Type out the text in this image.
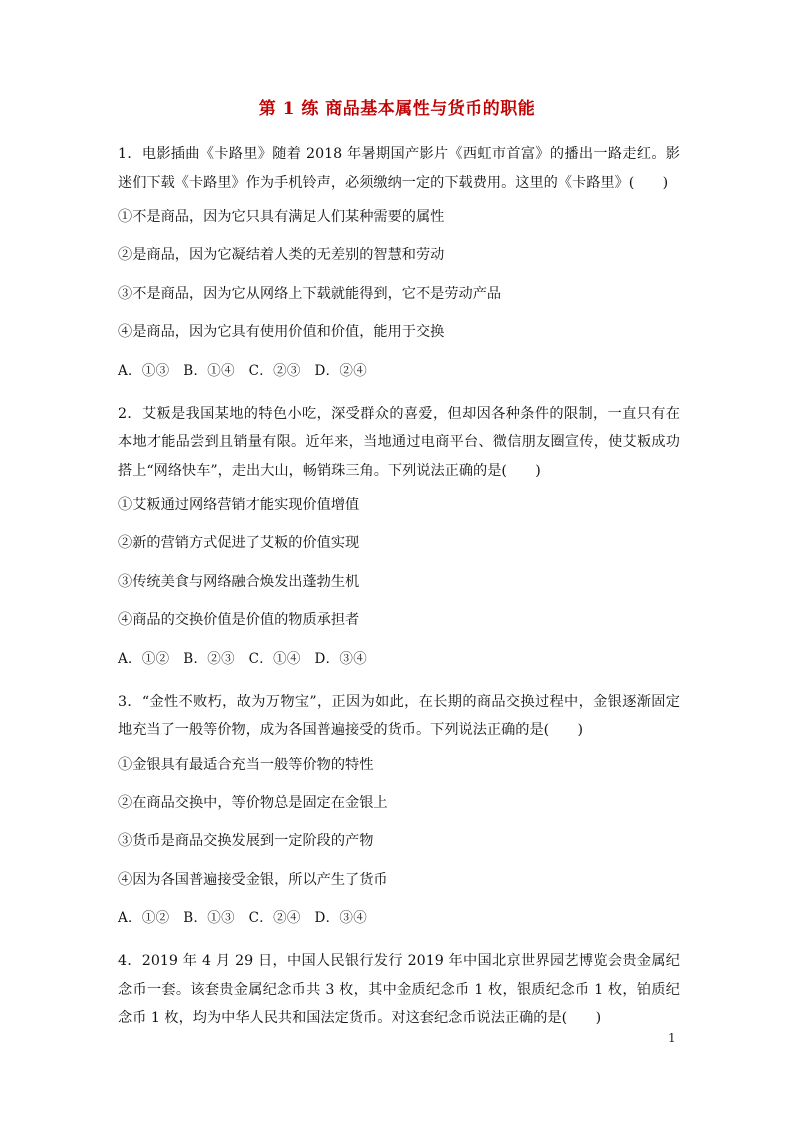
第 1 练 商品基本属性与货币的职能

1．电影插曲《卡路里》随着 2018 年暑期国产影片《西虹市首富》的播出一路走红。影迷们下载《卡路里》作为手机铃声，必须缴纳一定的下载费用。这里的《卡路里》(　　)

①不是商品，因为它只具有满足人们某种需要的属性

②是商品，因为它凝结着人类的无差别的智慧和劳动

③不是商品，因为它从网络上下载就能得到，它不是劳动产品

④是商品，因为它具有使用价值和价值，能用于交换

A．①③　B．①④　C．②③　D．②④

2．艾粄是我国某地的特色小吃，深受群众的喜爱，但却因各种条件的限制，一直只有在本地才能品尝到且销量有限。近年来，当地通过电商平台、微信朋友圈宣传，使艾粄成功搭上“网络快车”，走出大山，畅销珠三角。下列说法正确的是(　　)

①艾粄通过网络营销才能实现价值增值

②新的营销方式促进了艾粄的价值实现

③传统美食与网络融合焕发出蓬勃生机

④商品的交换价值是价值的物质承担者

A．①②　B．②③　C．①④　D．③④

3．“金性不败朽，故为万物宝”，正因为如此，在长期的商品交换过程中，金银逐渐固定地充当了一般等价物，成为各国普遍接受的货币。下列说法正确的是(　　)

①金银具有最适合充当一般等价物的特性

②在商品交换中，等价物总是固定在金银上

③货币是商品交换发展到一定阶段的产物

④因为各国普遍接受金银，所以产生了货币

A．①②　B．①③　C．②④　D．③④

4．2019 年 4 月 29 日，中国人民银行发行 2019 年中国北京世界园艺博览会贵金属纪念币一套。该套贵金属纪念币共 3 枚，其中金质纪念币 1 枚，银质纪念币 1 枚，铂质纪念币 1 枚，均为中华人民共和国法定货币。对这套纪念币说法正确的是(　　)

1
